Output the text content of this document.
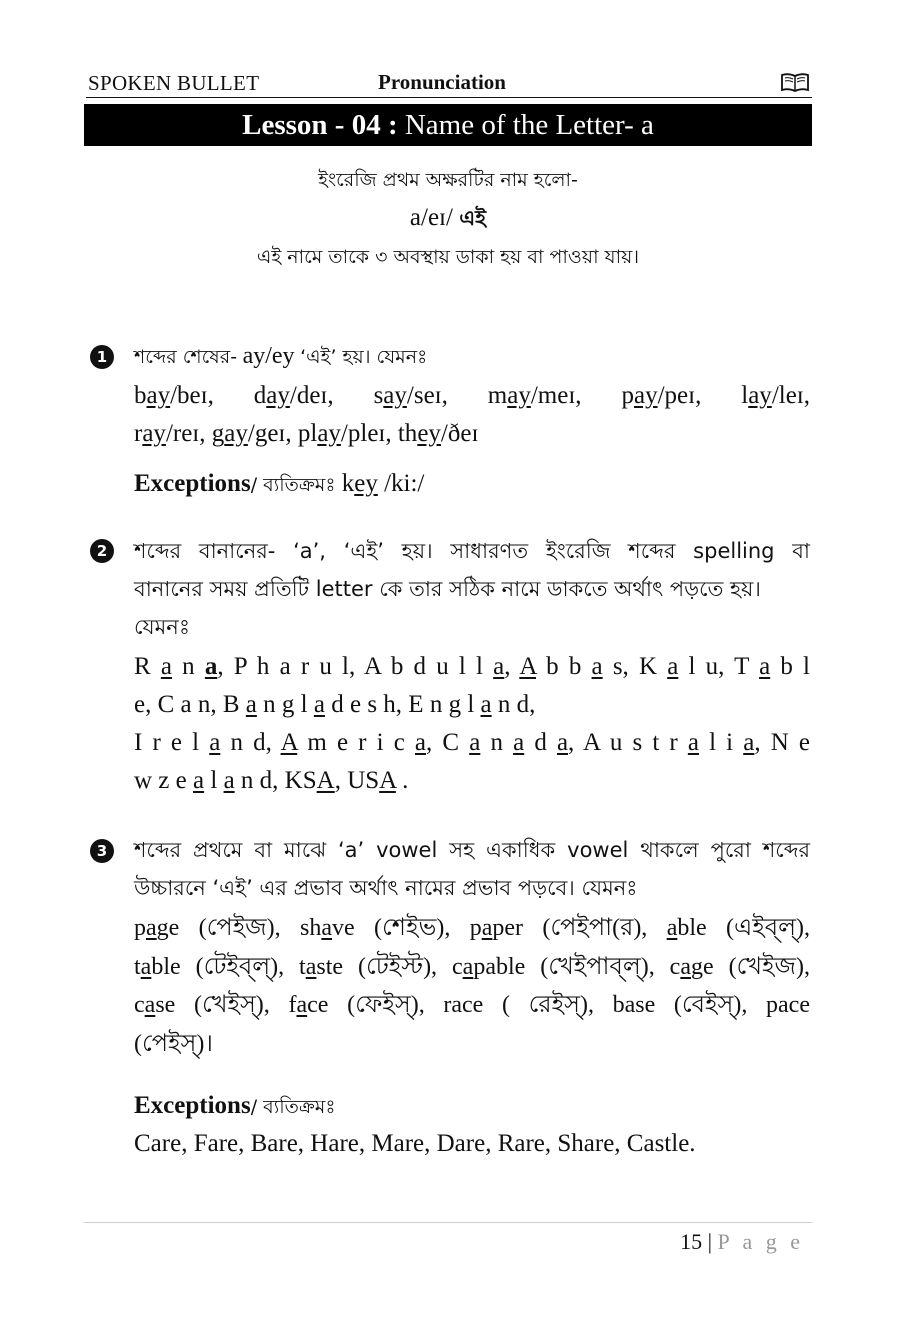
SPOKEN BULLET	Pronunciation
Lesson - 04 : Name of the Letter- a
ইংরেজি প্রথম অক্ষরটির নাম হলো-
a/eɪ/ এই
এই নামে তাকে ৩ অবস্থায় ডাকা হয় বা পাওয়া যায়।
1	শব্দের শেষের- ay/ey ‘এই’ হয়। যেমনঃ
bay/beɪ, day/deɪ, say/seɪ, may/meɪ, pay/peɪ, lay/leɪ,
ray/reɪ, gay/geɪ, play/pleɪ, they/ðeɪ
Exceptions/ ব্যতিক্রমঃ key /ki:/
2	শব্দের বানানের- ‘a’, ‘এই’ হয়। সাধারণত ইংরেজি শব্দের spelling বা
বানানের সময় প্রতিটি letter কে তার সঠিক নামে ডাকতে অর্থাৎ পড়তে হয়।
যেমনঃ
R a n a, P h a r u l, A b d u l l a, A b b a s, K a l u, T a b l
e, C a n, B a n g l a d e s h, E n g l a n d,
I r e l a n d, A m e r i c a, C a n a d a, A u s t r a l i a, N e
w z e a l a n d, KSA, USA .
3	শব্দের প্রথমে বা মাঝে ‘a’ vowel সহ একাধিক vowel থাকলে পুরো শব্দের
উচ্চারনে ‘এই’ এর প্রভাব অর্থাৎ নামের প্রভাব পড়বে। যেমনঃ
page (পেইজ), shave (শেইভ), paper (পেইপা(র), able (এইব্‌ল্‌),
table (টেইব্‌ল্‌), taste (টেইস্ট), capable (খেইপাব্‌ল্‌), cage (খেইজ),
case (খেইস্‌), face (ফেইস্‌), race ( রেইস্‌), base (বেইস্‌), pace
(পেইস্‌)।
Exceptions/ ব্যতিক্রমঃ
Care, Fare, Bare, Hare, Mare, Dare, Rare, Share, Castle.
15 | P a g e
